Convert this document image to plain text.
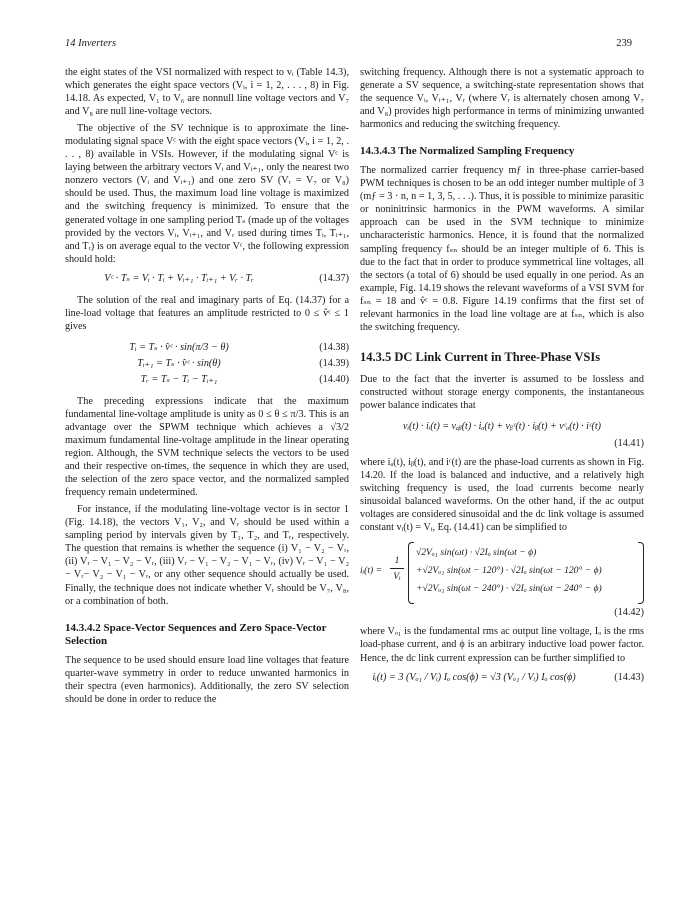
14 Inverters	239

the eight states of the VSI normalized with respect to vᵢ (Table 14.3), which generates the eight space vectors (Vᵢ, i = 1, 2, . . . , 8) in Fig. 14.18. As expected, V₁ to V₆ are nonnull line voltage vectors and V₇ and V₈ are null line-voltage vectors.

The objective of the SV technique is to approximate the line-modulating signal space Vᶜ with the eight space vectors (Vᵢ, i = 1, 2, . . . , 8) available in VSIs. However, if the modulating signal Vᶜ is laying between the arbitrary vectors Vᵢ and Vᵢ₊₁, only the nearest two nonzero vectors (Vᵢ and Vᵢ₊₁) and one zero SV (Vᵣ = V₇ or V₈) should be used. Thus, the maximum load line voltage is maximized and the switching frequency is minimized. To ensure that the generated voltage in one sampling period Tₛ (made up of the voltages provided by the vectors Vᵢ, Vᵢ₊₁, and Vᵣ used during times Tᵢ, Tᵢ₊₁, and Tᵣ) is on average equal to the vector Vᶜ, the following expression should hold:

Vᶜ · Tₛ = Vᵢ · Tᵢ + Vᵢ₊₁ · Tᵢ₊₁ + Vᵣ · Tᵣ	(14.37)

The solution of the real and imaginary parts of Eq. (14.37) for a line-load voltage that features an amplitude restricted to 0 ≤ v̂ᶜ ≤ 1 gives

Tᵢ = Tₛ · v̂ᶜ · sin(π/3 − θ)	(14.38)
Tᵢ₊₁ = Tₛ · v̂ᶜ · sin(θ)	(14.39)
Tᵣ = Tₛ − Tᵢ − Tᵢ₊₁	(14.40)

The preceding expressions indicate that the maximum fundamental line-voltage amplitude is unity as 0 ≤ θ ≤ π/3. This is an advantage over the SPWM technique which achieves a √3/2 maximum fundamental line-voltage amplitude in the linear operating region. Although, the SVM technique selects the vectors to be used and their respective on-times, the sequence in which they are used, the selection of the zero space vector, and the normalized sampled frequency remain undetermined.

For instance, if the modulating line-voltage vector is in sector 1 (Fig. 14.18), the vectors V₁, V₂, and Vᵣ should be used within a sampling period by intervals given by T₁, T₂, and Tᵣ, respectively. The question that remains is whether the sequence (i) V₁ − V₂ − Vᵣ, (ii) Vᵣ − V₁ − V₂ − Vᵣ, (iii) Vᵣ − V₁ − V₂ − V₁ − Vᵣ, (iv) Vᵣ − V₁ − V₂ − Vᵣ− V₂ − V₁ − Vᵣ, or any other sequence should actually be used. Finally, the technique does not indicate whether Vᵣ should be V₇, V₈, or a combination of both.

14.3.4.2 Space-Vector Sequences and Zero Space-Vector Selection

The sequence to be used should ensure load line voltages that feature quarter-wave symmetry in order to reduce unwanted harmonics in their spectra (even harmonics). Additionally, the zero SV selection should be done in order to reduce the

switching frequency. Although there is not a systematic approach to generate a SV sequence, a switching-state representation shows that the sequence Vᵢ, Vᵢ₊₁, Vᵣ (where Vᵣ is alternately chosen among V₇ and V₈) provides high performance in terms of minimizing unwanted harmonics and reducing the switching frequency.

14.3.4.3 The Normalized Sampling Frequency

The normalized carrier frequency mƒ in three-phase carrier-based PWM techniques is chosen to be an odd integer number multiple of 3 (mƒ = 3 · n, n = 1, 3, 5, . . .). Thus, it is possible to minimize parasitic or noninitrinsic harmonics in the PWM waveforms. A similar approach can be used in the SVM technique to minimize uncharacteristic harmonics. Hence, it is found that the normalized sampling frequency fₛₙ should be an integer multiple of 6. This is due to the fact that in order to produce symmetrical line voltages, all the sectors (a total of 6) should be used equally in one period. As an example, Fig. 14.19 shows the relevant waveforms of a VSI SVM for fₛₙ = 18 and v̂ᶜ = 0.8. Figure 14.19 confirms that the first set of relevant harmonics in the load line voltage are at fₛₙ, which is also the switching frequency.

14.3.5 DC Link Current in Three-Phase VSIs

Due to the fact that the inverter is assumed to be lossless and constructed without storage energy components, the instantaneous power balance indicates that

vᵢ(t) · iᵢ(t) = vₐᵦ(t) · iₐ(t) + vᵦᶜ(t) · iᵦ(t) + vᶜₐ(t) · iᶜ(t)
(14.41)

where iₐ(t), iᵦ(t), and iᶜ(t) are the phase-load currents as shown in Fig. 14.20. If the load is balanced and inductive, and a relatively high switching frequency is used, the load currents become nearly sinusoidal balanced waveforms. On the other hand, if the ac output voltages are considered sinusoidal and the dc link voltage is assumed constant vᵢ(t) = Vᵢ, Eq. (14.41) can be simplified to

iᵢ(t) =
1
Vᵢ
√2Vₒ₁ sin(ωt) · √2Iₒ sin(ωt − ϕ)
+√2Vₒ₁ sin(ωt − 120°) · √2Iₒ sin(ωt − 120° − ϕ)
+√2Vₒ₁ sin(ωt − 240°) · √2Iₒ sin(ωt − 240° − ϕ)
(14.42)

where Vₒ₁ is the fundamental rms ac output line voltage, Iₒ is the rms load-phase current, and ϕ is an arbitrary inductive load power factor. Hence, the dc link current expression can be further simplified to

iᵢ(t) = 3 (Vₒ₁ / Vᵢ) Iₒ cos(ϕ) = √3 (Vₒ₁ / Vᵢ) Iₒ cos(ϕ)	(14.43)
